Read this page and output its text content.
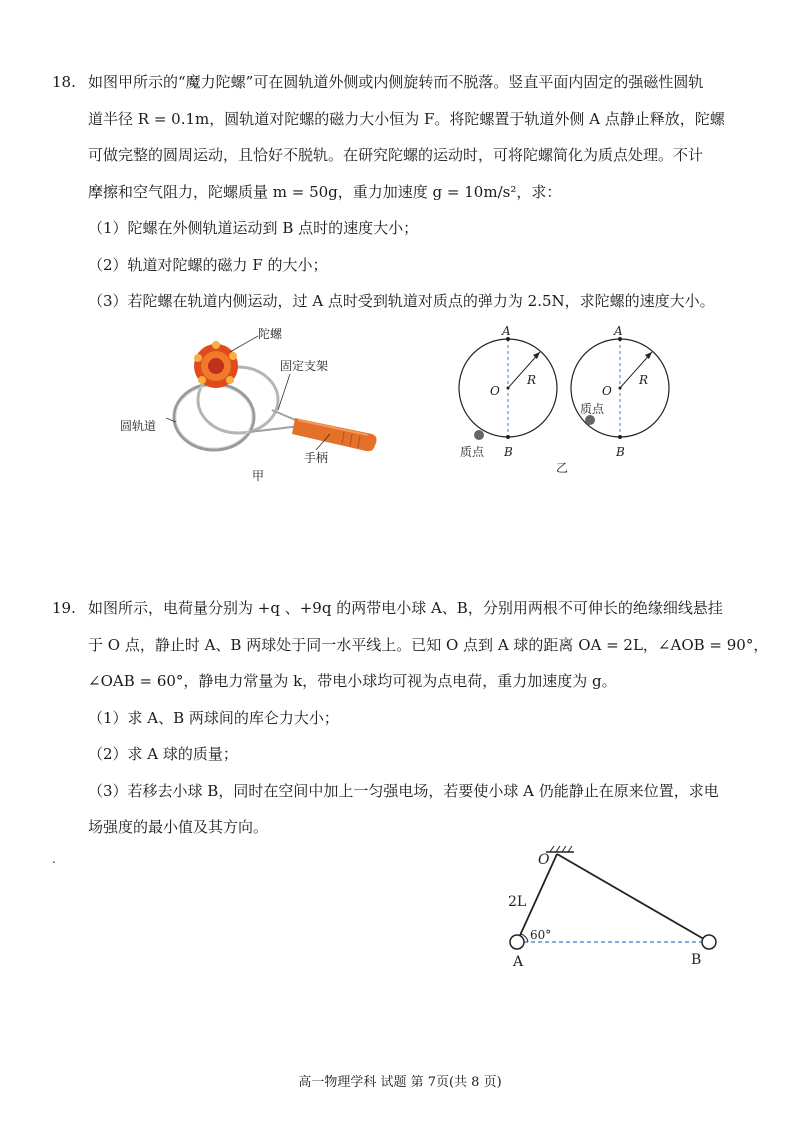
18. 如图甲所示的“魔力陀螺”可在圆轨道外侧或内侧旋转而不脱落。竖直平面内固定的强磁性圆轨
道半径 R = 0.1m，圆轨道对陀螺的磁力大小恒为 F。将陀螺置于轨道外侧 A 点静止释放，陀螺
可做完整的圆周运动，且恰好不脱轨。在研究陀螺的运动时，可将陀螺简化为质点处理。不计
摩擦和空气阻力，陀螺质量 m = 50g，重力加速度 g = 10m/s²，求：
（1）陀螺在外侧轨道运动到 B 点时的速度大小；
（2）轨道对陀螺的磁力 F 的大小；
（3）若陀螺在轨道内侧运动，过 A 点时受到轨道对质点的弹力为 2.5N，求陀螺的速度大小。
陀螺
固定支架
圆轨道
手柄
甲
A
O
R
B
质点
A
O
R
B
质点
乙
19. 如图所示，电荷量分别为 +q 、+9q 的两带电小球 A、B，分别用两根不可伸长的绝缘细线悬挂
于 O 点，静止时 A、B 两球处于同一水平线上。已知 O 点到 A 球的距离 OA = 2L，∠AOB = 90°，
∠OAB = 60°，静电力常量为 k，带电小球均可视为点电荷，重力加速度为 g。
（1）求 A、B 两球间的库仑力大小；
（2）求 A 球的质量；
（3）若移去小球 B，同时在空间中加上一匀强电场，若要使小球 A 仍能静止在原来位置，求电
场强度的最小值及其方向。
.	O
2L
60°
A	B
高一物理学科 试题 第 7页(共 8 页)
